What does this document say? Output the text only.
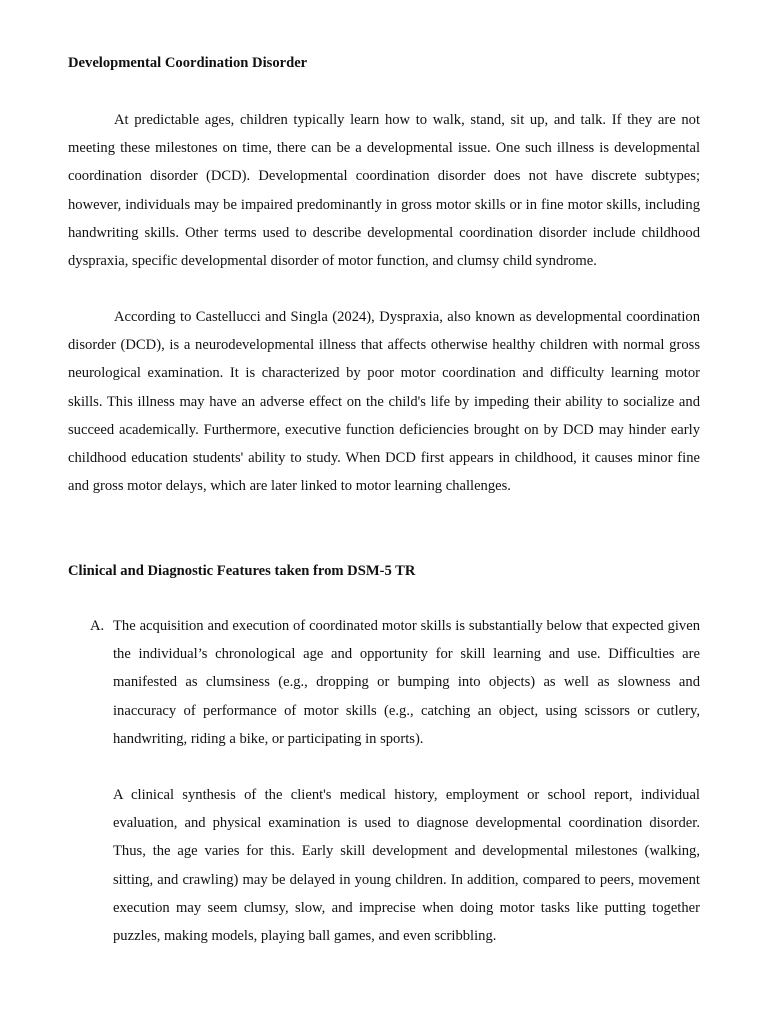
Developmental Coordination Disorder

At predictable ages, children typically learn how to walk, stand, sit up, and talk. If they are not meeting these milestones on time, there can be a developmental issue. One such illness is developmental coordination disorder (DCD). Developmental coordination disorder does not have discrete subtypes; however, individuals may be impaired predominantly in gross motor skills or in fine motor skills, including handwriting skills. Other terms used to describe developmental coordination disorder include childhood dyspraxia, specific developmental disorder of motor function, and clumsy child syndrome.

According to Castellucci and Singla (2024), Dyspraxia, also known as developmental coordination disorder (DCD), is a neurodevelopmental illness that affects otherwise healthy children with normal gross neurological examination. It is characterized by poor motor coordination and difficulty learning motor skills. This illness may have an adverse effect on the child's life by impeding their ability to socialize and succeed academically. Furthermore, executive function deficiencies brought on by DCD may hinder early childhood education students' ability to study. When DCD first appears in childhood, it causes minor fine and gross motor delays, which are later linked to motor learning challenges.

Clinical and Diagnostic Features taken from DSM-5 TR
A. The acquisition and execution of coordinated motor skills is substantially below that expected given the individual’s chronological age and opportunity for skill learning and use. Difficulties are manifested as clumsiness (e.g., dropping or bumping into objects) as well as slowness and inaccuracy of performance of motor skills (e.g., catching an object, using scissors or cutlery, handwriting, riding a bike, or participating in sports).

A clinical synthesis of the client's medical history, employment or school report, individual evaluation, and physical examination is used to diagnose developmental coordination disorder. Thus, the age varies for this. Early skill development and developmental milestones (walking, sitting, and crawling) may be delayed in young children. In addition, compared to peers, movement execution may seem clumsy, slow, and imprecise when doing motor tasks like putting together puzzles, making models, playing ball games, and even scribbling.
